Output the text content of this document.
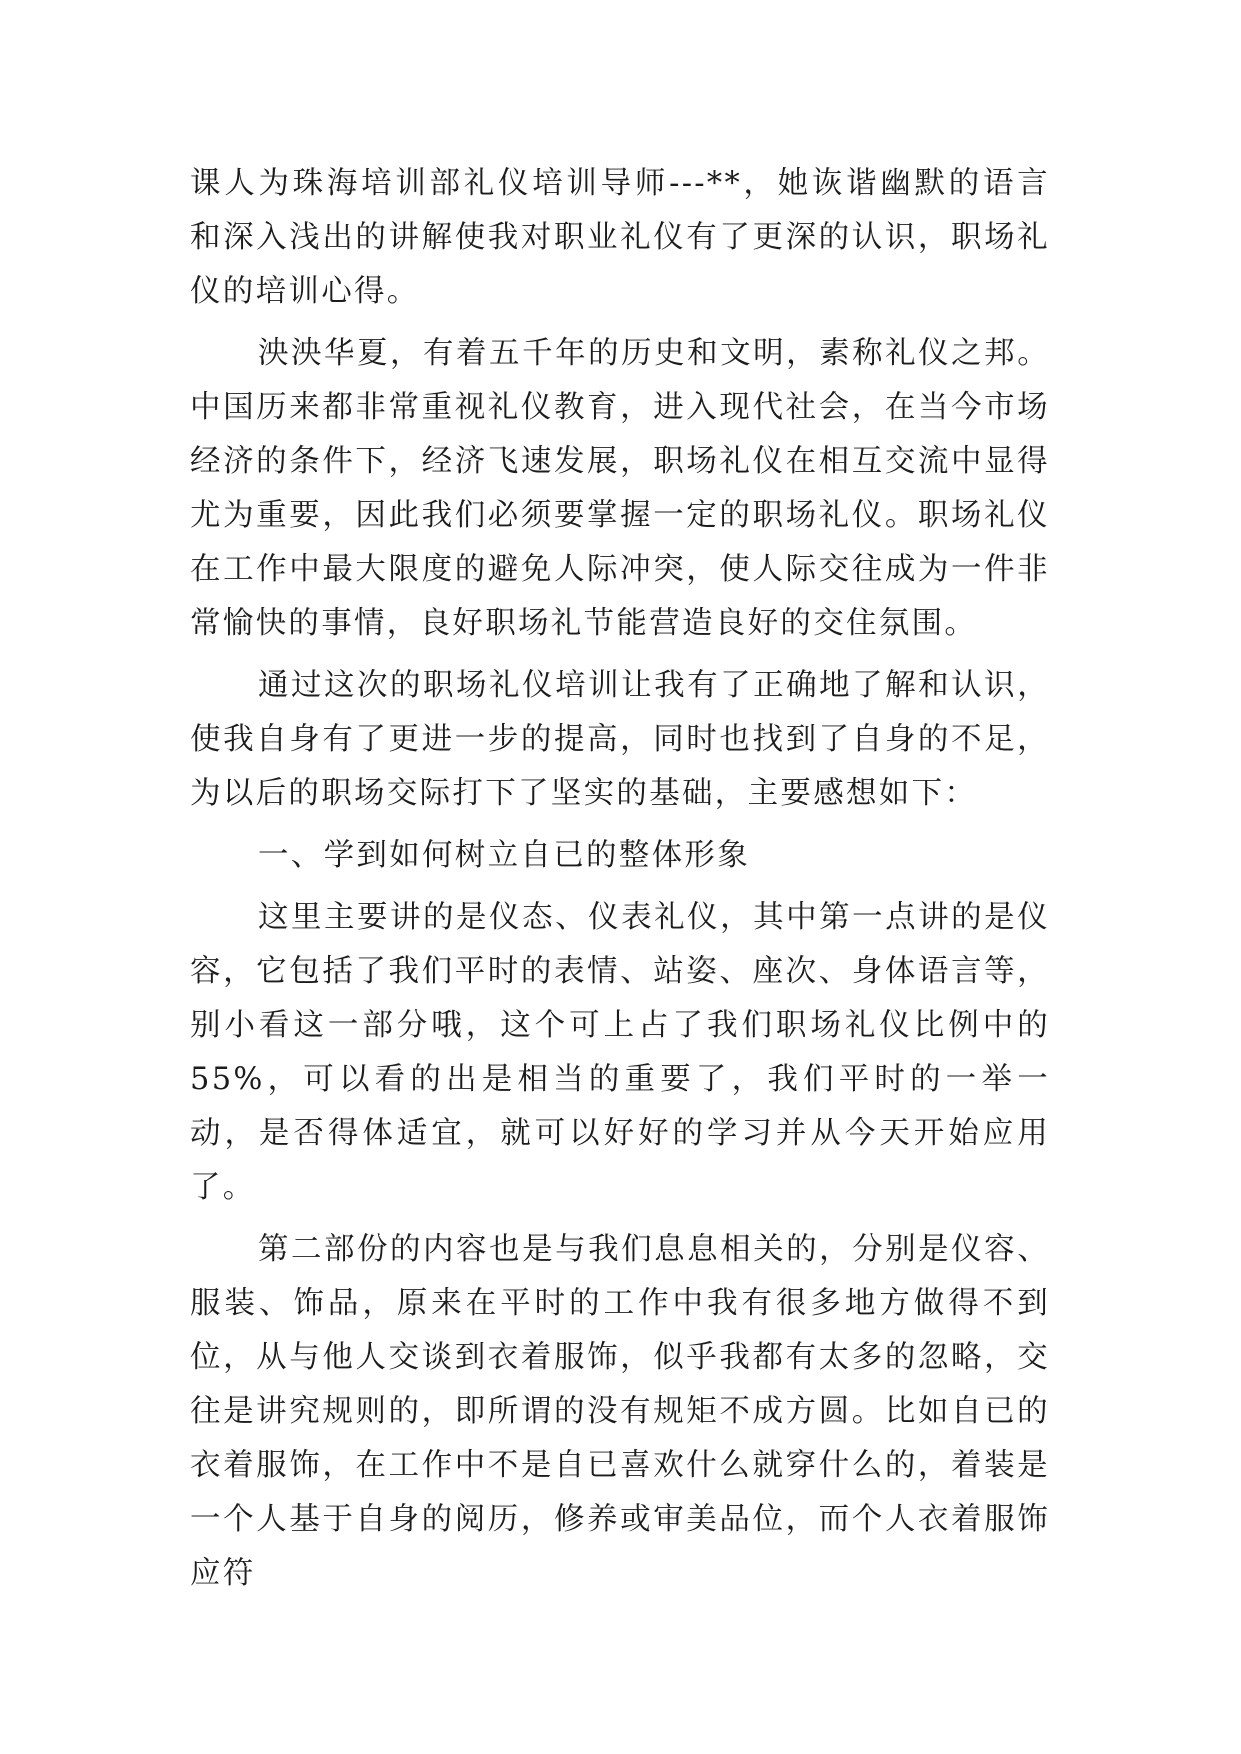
课人为珠海培训部礼仪培训导师---**，她诙谐幽默的语言和深入浅出的讲解使我对职业礼仪有了更深的认识，职场礼仪的培训心得。

泱泱华夏，有着五千年的历史和文明，素称礼仪之邦。中国历来都非常重视礼仪教育，进入现代社会，在当今市场经济的条件下，经济飞速发展，职场礼仪在相互交流中显得尤为重要，因此我们必须要掌握一定的职场礼仪。职场礼仪在工作中最大限度的避免人际冲突，使人际交往成为一件非常愉快的事情，良好职场礼节能营造良好的交住氛围。

通过这次的职场礼仪培训让我有了正确地了解和认识，使我自身有了更进一步的提高，同时也找到了自身的不足，为以后的职场交际打下了坚实的基础，主要感想如下：

一、学到如何树立自已的整体形象

这里主要讲的是仪态、仪表礼仪，其中第一点讲的是仪容，它包括了我们平时的表情、站姿、座次、身体语言等，别小看这一部分哦，这个可上占了我们职场礼仪比例中的55%，可以看的出是相当的重要了，我们平时的一举一动，是否得体适宜，就可以好好的学习并从今天开始应用了。

第二部份的内容也是与我们息息相关的，分别是仪容、服装、饰品，原来在平时的工作中我有很多地方做得不到位，从与他人交谈到衣着服饰，似乎我都有太多的忽略，交往是讲究规则的，即所谓的没有规矩不成方圆。比如自已的衣着服饰，在工作中不是自已喜欢什么就穿什么的，着装是一个人基于自身的阅历，修养或审美品位，而个人衣着服饰应符
